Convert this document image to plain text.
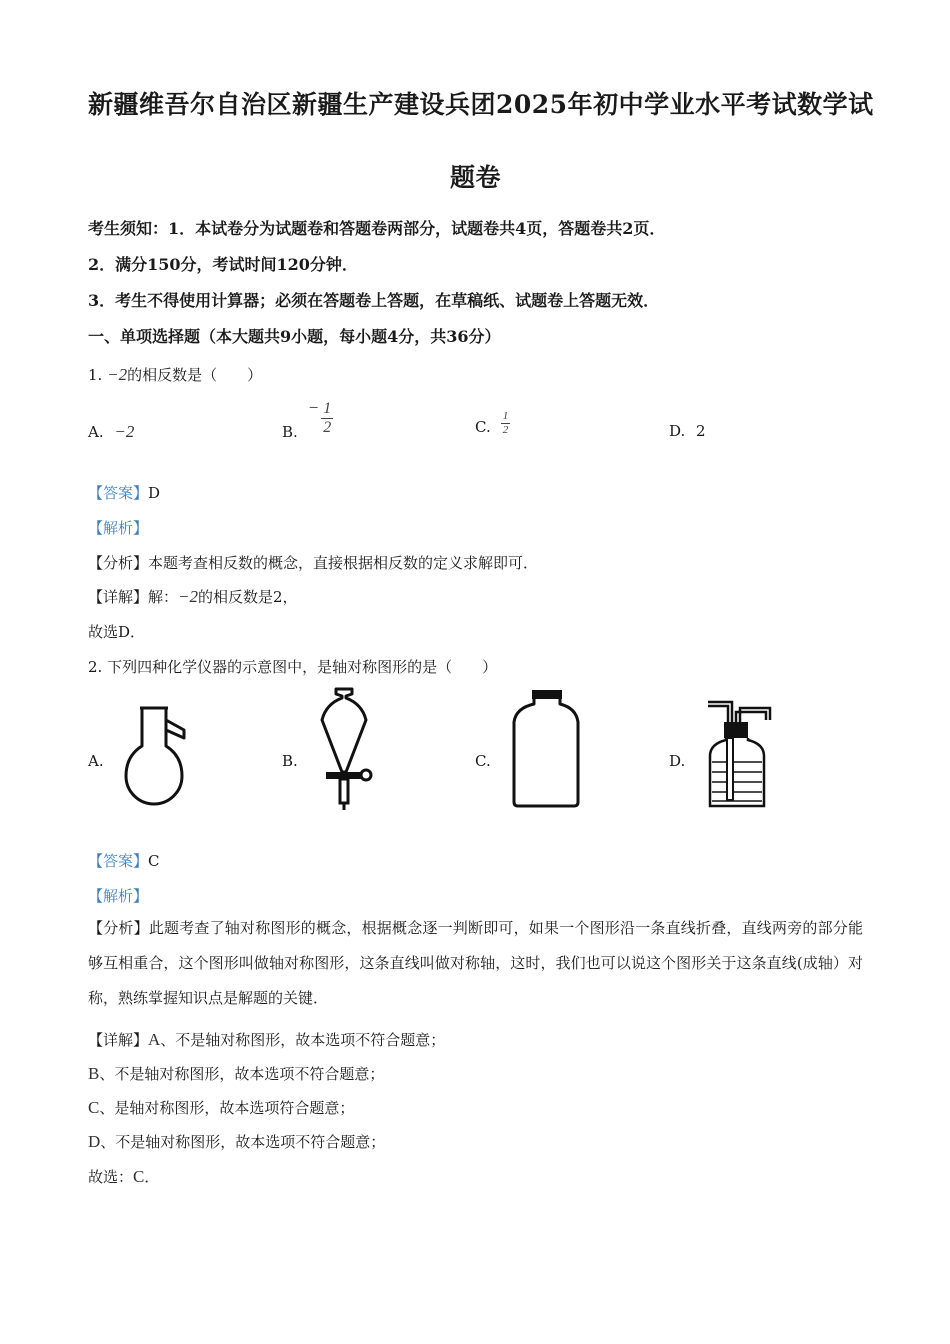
新疆维吾尔自治区新疆生产建设兵团2025年初中学业水平考试数学试
题卷
考生须知：1．本试卷分为试题卷和答题卷两部分，试题卷共4页，答题卷共2页．
2．满分150分，考试时间120分钟．
3．考生不得使用计算器；必须在答题卷上答题，在草稿纸、试题卷上答题无效．
一、单项选择题（本大题共9小题，每小题4分，共36分）
1. −2的相反数是（　　）
A. −2	B.
− $\frac{1}{2}$	C. $\frac{1}{2}$	D. 2
【答案】D
【解析】
【分析】本题考查相反数的概念，直接根据相反数的定义求解即可．
【详解】解：−2的相反数是2，
故选D．
2. 下列四种化学仪器的示意图中，是轴对称图形的是（　　）
A.	B.	C.	D.
【答案】C
【解析】
【分析】此题考查了轴对称图形的概念，根据概念逐一判断即可，如果一个图形沿一条直线折叠，直线两旁的部分能够互相重合，这个图形叫做轴对称图形，这条直线叫做对称轴，这时，我们也可以说这个图形关于这条直线(成轴）对称，熟练掌握知识点是解题的关键．
【详解】A、不是轴对称图形，故本选项不符合题意；
B、不是轴对称图形，故本选项不符合题意；
C、是轴对称图形，故本选项符合题意；
D、不是轴对称图形，故本选项不符合题意；
故选：C．
